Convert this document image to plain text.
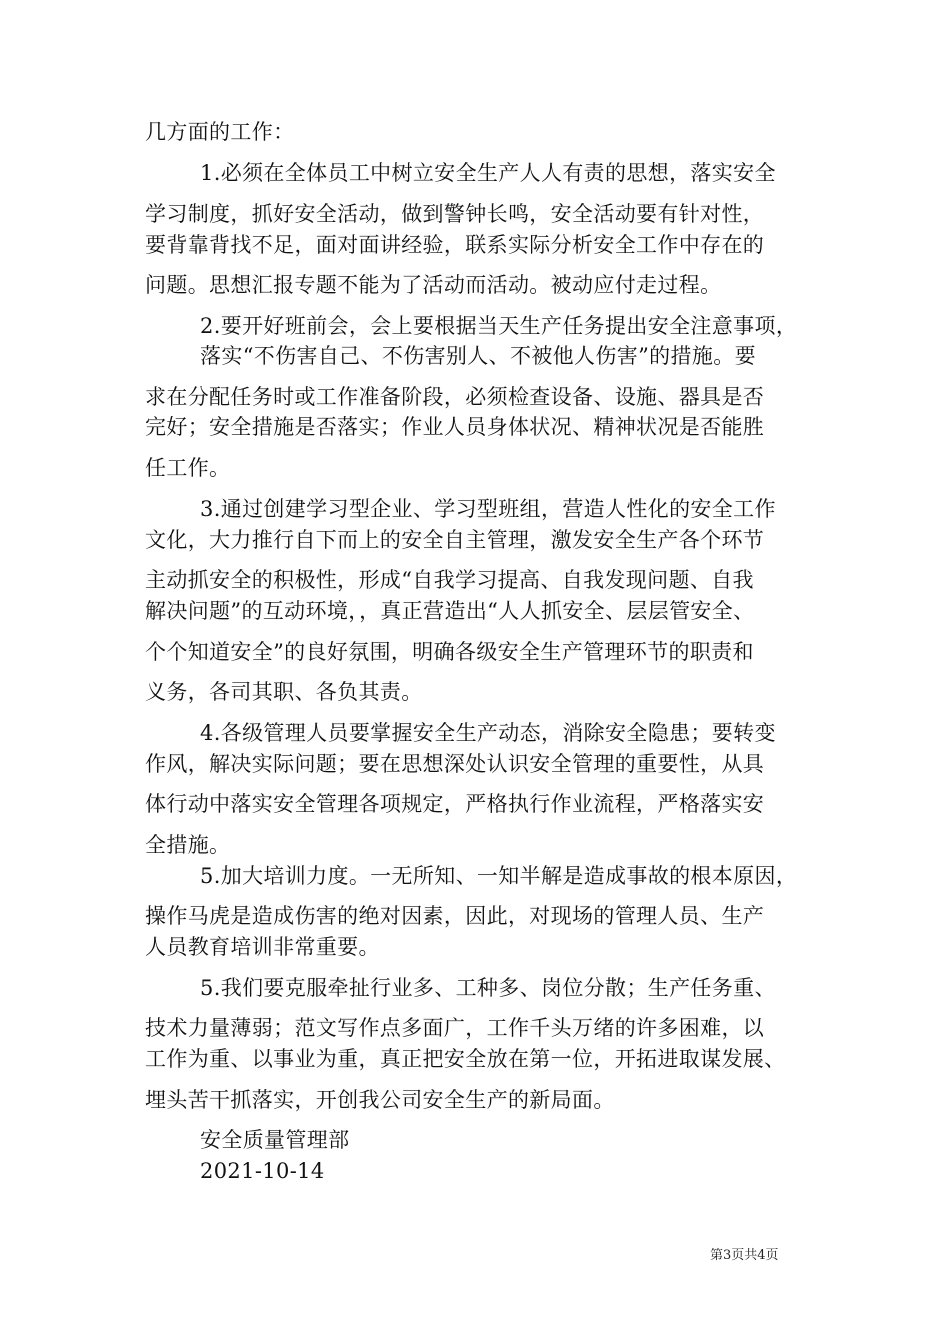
几方面的工作：
1.必须在全体员工中树立安全生产人人有责的思想，落实安全
学习制度，抓好安全活动，做到警钟长鸣，安全活动要有针对性，
要背靠背找不足，面对面讲经验，联系实际分析安全工作中存在的
问题。思想汇报专题不能为了活动而活动。被动应付走过程。
2.要开好班前会，会上要根据当天生产任务提出安全注意事项，
落实“不伤害自己、不伤害别人、不被他人伤害”的措施。要
求在分配任务时或工作准备阶段，必须检查设备、设施、器具是否
完好；安全措施是否落实；作业人员身体状况、精神状况是否能胜
任工作。
3.通过创建学习型企业、学习型班组，营造人性化的安全工作
文化，大力推行自下而上的安全自主管理，激发安全生产各个环节
主动抓安全的积极性，形成“自我学习提高、自我发现问题、自我
解决问题”的互动环境，，真正营造出“人人抓安全、层层管安全、
个个知道安全”的良好氛围，明确各级安全生产管理环节的职责和
义务，各司其职、各负其责。
4.各级管理人员要掌握安全生产动态，消除安全隐患；要转变
作风，解决实际问题；要在思想深处认识安全管理的重要性，从具
体行动中落实安全管理各项规定，严格执行作业流程，严格落实安
全措施。
5.加大培训力度。一无所知、一知半解是造成事故的根本原因，
操作马虎是造成伤害的绝对因素，因此，对现场的管理人员、生产
人员教育培训非常重要。
5.我们要克服牵扯行业多、工种多、岗位分散；生产任务重、
技术力量薄弱；范文写作点多面广，工作千头万绪的许多困难，以
工作为重、以事业为重，真正把安全放在第一位，开拓进取谋发展、
埋头苦干抓落实，开创我公司安全生产的新局面。
安全质量管理部
2021-10-14
第3页共4页
